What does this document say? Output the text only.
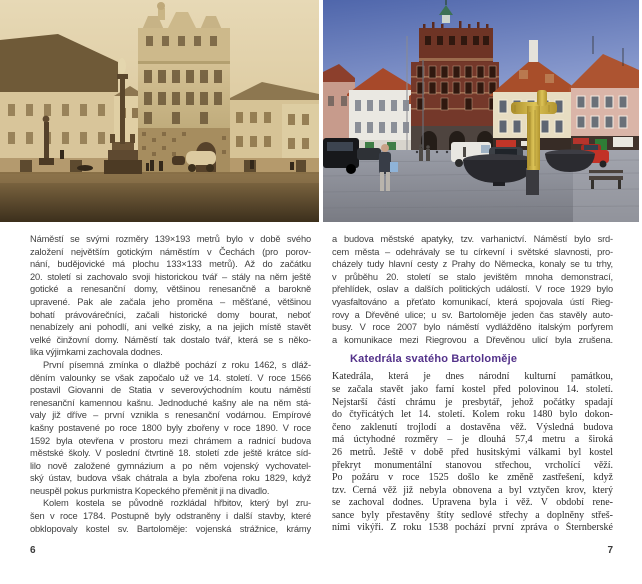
Náměstí se svými rozměry 139×193 metrů bylo v době svého
založení největším gotickým náměstím v Čechách (pro porov-
nání, budějovické má plochu 133×133 metrů). Až do začátku
20. století si zachovalo svoji historickou tvář – stály na něm ještě
gotické a renesanční domy, většinou renesančně a barokně
upravené. Pak ale začala jeho proměna – měšťané, většinou
bohatí právovárečníci, začali historické domy bourat, neboť
nenabízely ani pohodlí, ani velké zisky, a na jejich místě stavět
velké činžovní domy. Náměstí tak dostalo tvář, která se s něko-
lika výjimkami zachovala dodnes.
První písemná zmínka o dlažbě pochází z roku 1462, s dláž-
děním valounky se však započalo už ve 14. století. V roce 1566
postavil Giovanni de Statia v severovýchodním koutu náměstí
renesanční kamennou kašnu. Jednoduché kašny ale na něm stá-
valy již dříve – první vznikla s renesanční vodárnou. Empírové
kašny postavené po roce 1800 byly zbořeny v roce 1890. V roce
1592 byla otevřena v prostoru mezi chrámem a radnicí budova
městské školy. V poslední čtvrtině 18. století zde ještě krátce síd-
lilo nově založené gymnázium a po něm vojenský vychovatel-
ský ústav, budova však chátrala a byla zbořena roku 1829, když
neuspěl pokus purkmistra Kopeckého přeměnit ji na divadlo.
Kolem kostela se původně rozkládal hřbitov, který byl zru-
šen v roce 1784. Postupně byly odstraněny i další stavby, které
obklopovaly kostel sv. Bartoloměje: vojenská strážnice, krámy
a budova městské apatyky, tzv. varhanictví. Náměstí bylo srd-
cem města – odehrávaly se tu církevní i světské slavnosti, pro-
cházely tudy hlavní cesty z Prahy do Německa, konaly se tu trhy,
v průběhu 20. století se stalo jevištěm mnoha demonstrací,
přehlídek, oslav a dalších politických událostí. V roce 1929 bylo
vyasfaltováno a přeťato komunikací, která spojovala ústí Rieg-
rovy a Dřevěné ulice; u sv. Bartoloměje jeden čas stavěly auto-
busy. V roce 2007 bylo náměstí vydlážděno italským porfyrem
a komunikace mezi Riegrovou a Dřevěnou ulicí byla zrušena.
Katedrála svatého Bartoloměje
Katedrála, která je dnes národní kulturní památkou,
se začala stavět jako farní kostel před polovinou 14. století.
Nejstarší částí chrámu je presbytář, jehož počátky spadají
do čtyřicátých let 14. století. Kolem roku 1480 bylo dokon-
čeno zaklenutí trojlodí a dostavěna věž. Výsledná budova
má úctyhodné rozměry – je dlouhá 57,4 metru a široká
26 metrů. Ještě v době před husitskými válkami byl kostel
překryt monumentální stanovou střechou, vrcholící věží.
Po požáru v roce 1525 došlo ke změně zastřešení, když
tzv. Černá věž již nebyla obnovena a byl vztyčen krov, který
se zachoval dodnes. Upravena byla i věž. V období rene-
sance byly přestavěny štíty sedlové střechy a doplněny střeš-
ními vikýři. Z roku 1538 pochází první zpráva o Šternberské
6	7
